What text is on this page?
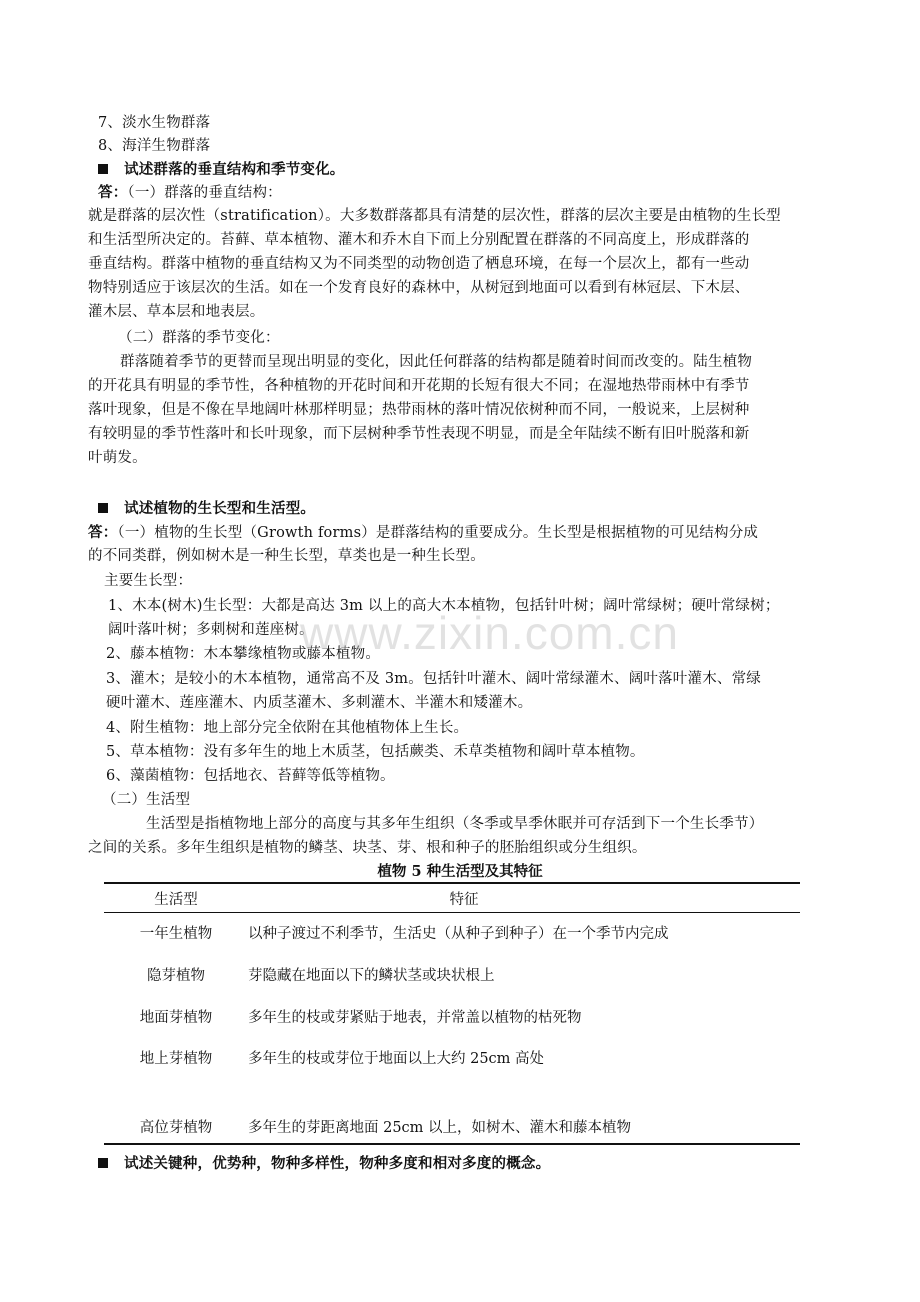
7、淡水生物群落
8、海洋生物群落
试述群落的垂直结构和季节变化。
答：（一）群落的垂直结构：
就是群落的层次性（stratification）。大多数群落都具有清楚的层次性，群落的层次主要是由植物的生长型
和生活型所决定的。苔藓、草本植物、灌木和乔木自下而上分别配置在群落的不同高度上，形成群落的
垂直结构。群落中植物的垂直结构又为不同类型的动物创造了栖息环境，在每一个层次上，都有一些动
物特别适应于该层次的生活。如在一个发育良好的森林中，从树冠到地面可以看到有林冠层、下木层、
灌木层、草本层和地表层。
（二）群落的季节变化：
群落随着季节的更替而呈现出明显的变化，因此任何群落的结构都是随着时间而改变的。陆生植物
的开花具有明显的季节性，各种植物的开花时间和开花期的长短有很大不同；在湿地热带雨林中有季节
落叶现象，但是不像在旱地阔叶林那样明显；热带雨林的落叶情况依树种而不同，一般说来，上层树种
有较明显的季节性落叶和长叶现象，而下层树种季节性表现不明显，而是全年陆续不断有旧叶脱落和新
叶萌发。
试述植物的生长型和生活型。
答：（一）植物的生长型（Growth forms）是群落结构的重要成分。生长型是根据植物的可见结构分成
的不同类群，例如树木是一种生长型，草类也是一种生长型。
主要生长型：
1、木本(树木)生长型：大都是高达 3m 以上的高大木本植物，包括针叶树；阔叶常绿树；硬叶常绿树；
阔叶落叶树；多刺树和莲座树。
2、藤本植物：木本攀缘植物或藤本植物。
3、灌木；是较小的木本植物，通常高不及 3m。包括针叶灌木、阔叶常绿灌木、阔叶落叶灌木、常绿
硬叶灌木、莲座灌木、内质茎灌木、多刺灌木、半灌木和矮灌木。
4、附生植物：地上部分完全依附在其他植物体上生长。
5、草本植物：没有多年生的地上木质茎，包括蕨类、禾草类植物和阔叶草本植物。
6、藻菌植物：包括地衣、苔藓等低等植物。
（二）生活型
生活型是指植物地上部分的高度与其多年生组织（冬季或旱季休眠并可存活到下一个生长季节）
之间的关系。多年生组织是植物的鳞茎、块茎、芽、根和种子的胚胎组织或分生组织。
植物 5 种生活型及其特征
生活型	特征
一年生植物	以种子渡过不利季节，生活史（从种子到种子）在一个季节内完成
隐芽植物	芽隐藏在地面以下的鳞状茎或块状根上
地面芽植物	多年生的枝或芽紧贴于地表，并常盖以植物的枯死物
地上芽植物	多年生的枝或芽位于地面以上大约 25cm 高处
高位芽植物	多年生的芽距离地面 25cm 以上，如树木、灌木和藤本植物
试述关键种，优势种，物种多样性，物种多度和相对多度的概念。
www.zixin.com.cn
